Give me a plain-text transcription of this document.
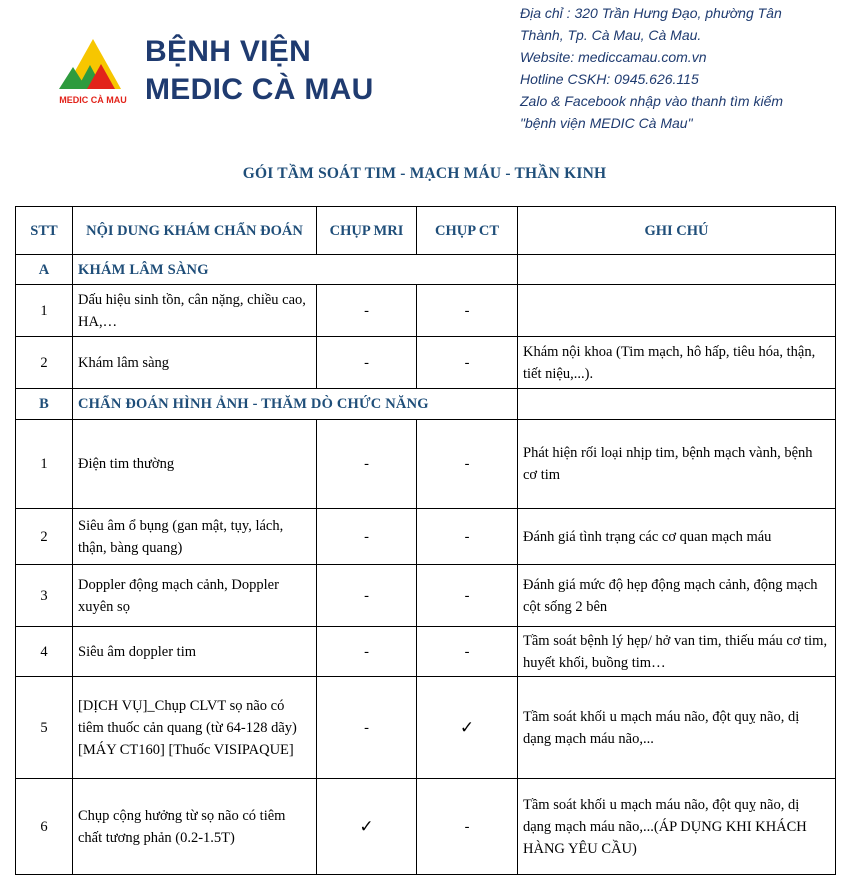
MEDIC CÀ MAU
BỆNH VIỆN
MEDIC CÀ MAU
Địa chỉ : 320 Trần Hưng Đạo, phường Tân
Thành, Tp. Cà Mau, Cà Mau.
Website: mediccamau.com.vn
Hotline CSKH: 0945.626.115
Zalo & Facebook nhập vào thanh tìm kiếm
"bệnh viện MEDIC Cà Mau"
GÓI TẦM SOÁT TIM - MẠCH MÁU - THẦN KINH
STT	NỘI DUNG KHÁM CHẨN ĐOÁN	CHỤP MRI	CHỤP CT	GHI CHÚ
A	KHÁM LÂM SÀNG			
1	Dấu hiệu sinh tồn, cân nặng, chiều cao, HA,…	-	-	
2	Khám lâm sàng	-	-	Khám nội khoa (Tim mạch, hô hấp, tiêu hóa, thận, tiết niệu,...).
B	CHẨN ĐOÁN HÌNH ẢNH - THĂM DÒ CHỨC NĂNG			
1	Điện tim thường	-	-	Phát hiện rối loại nhịp tim, bệnh mạch vành, bệnh cơ tim
2	Siêu âm ổ bụng (gan mật, tụy, lách, thận, bàng quang)	-	-	Đánh giá tình trạng các cơ quan mạch máu
3	Doppler động mạch cảnh, Doppler xuyên sọ	-	-	Đánh giá mức độ hẹp động mạch cảnh, động mạch cột sống 2 bên
4	Siêu âm doppler tim	-	-	Tầm soát bệnh lý hẹp/ hở van tim, thiếu máu cơ tim, huyết khối, buồng tim…
5	[DỊCH VỤ]_Chụp CLVT sọ não có tiêm thuốc cản quang (từ 64-128 dãy) [MÁY CT160] [Thuốc VISIPAQUE]	-	✓	Tầm soát khối u mạch máu não, đột quỵ não, dị dạng mạch máu não,...
6	Chụp cộng hưởng từ sọ não có tiêm chất tương phản (0.2-1.5T)	✓	-	Tầm soát khối u mạch máu não, đột quỵ não, dị dạng mạch máu não,...(ÁP DỤNG KHI KHÁCH HÀNG YÊU CẦU)
